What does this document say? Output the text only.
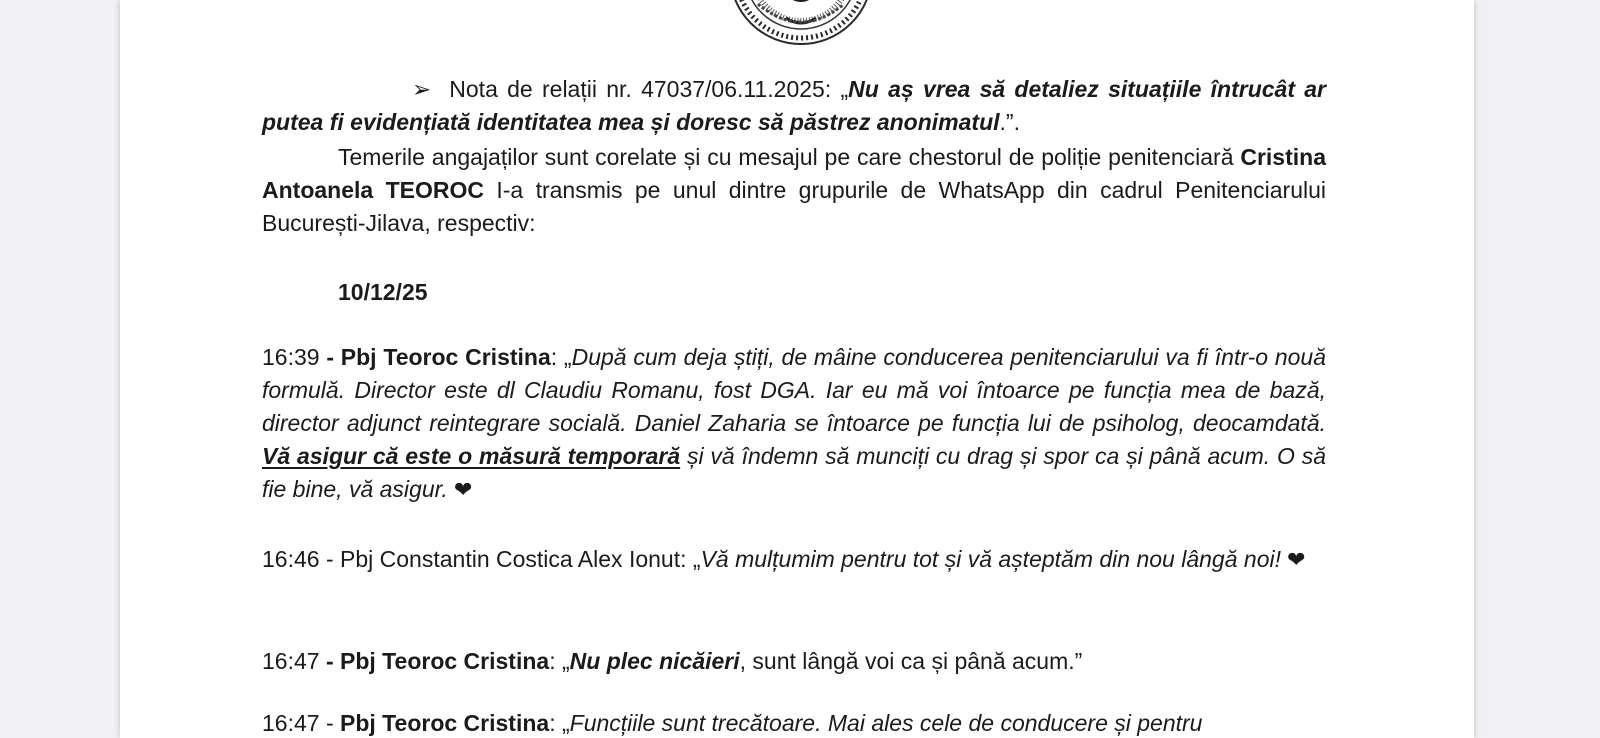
➢ Nota de relații nr. 47037/06.11.2025: „Nu aș vrea să detaliez situațiile întrucât ar putea fi evidențiată identitatea mea și doresc să păstrez anonimatul.”.

Temerile angajaților sunt corelate și cu mesajul pe care chestorul de poliție penitenciară Cristina Antoanela TEOROC I-a transmis pe unul dintre grupurile de WhatsApp din cadrul Penitenciarului București-Jilava, respectiv:

10/12/25

16:39 - Pbj Teoroc Cristina: „După cum deja știți, de mâine conducerea penitenciarului va fi într-o nouă formulă. Director este dl Claudiu Romanu, fost DGA. Iar eu mă voi întoarce pe funcția mea de bază, director adjunct reintegrare socială. Daniel Zaharia se întoarce pe funcția lui de psiholog, deocamdată. Vă asigur că este o măsură temporară și vă îndemn să munciți cu drag și spor ca și până acum. O să fie bine, vă asigur. ❤

16:46 - Pbj Constantin Costica Alex Ionut: „Vă mulțumim pentru tot și vă așteptăm din nou lângă noi! ❤

16:47 - Pbj Teoroc Cristina: „Nu plec nicăieri, sunt lângă voi ca și până acum.”

16:47 - Pbj Teoroc Cristina: „Funcțiile sunt trecătoare. Mai ales cele de conducere și pentru
